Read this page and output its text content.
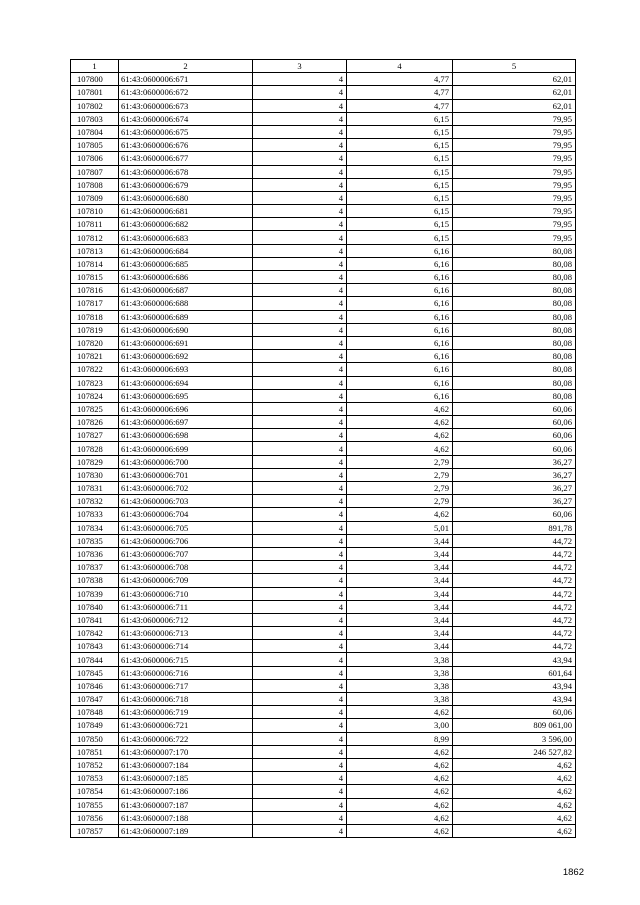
1	2	3	4	5
107800	61:43:0600006:671	4	4,77	62,01
107801	61:43:0600006:672	4	4,77	62,01
107802	61:43:0600006:673	4	4,77	62,01
107803	61:43:0600006:674	4	6,15	79,95
107804	61:43:0600006:675	4	6,15	79,95
107805	61:43:0600006:676	4	6,15	79,95
107806	61:43:0600006:677	4	6,15	79,95
107807	61:43:0600006:678	4	6,15	79,95
107808	61:43:0600006:679	4	6,15	79,95
107809	61:43:0600006:680	4	6,15	79,95
107810	61:43:0600006:681	4	6,15	79,95
107811	61:43:0600006:682	4	6,15	79,95
107812	61:43:0600006:683	4	6,15	79,95
107813	61:43:0600006:684	4	6,16	80,08
107814	61:43:0600006:685	4	6,16	80,08
107815	61:43:0600006:686	4	6,16	80,08
107816	61:43:0600006:687	4	6,16	80,08
107817	61:43:0600006:688	4	6,16	80,08
107818	61:43:0600006:689	4	6,16	80,08
107819	61:43:0600006:690	4	6,16	80,08
107820	61:43:0600006:691	4	6,16	80,08
107821	61:43:0600006:692	4	6,16	80,08
107822	61:43:0600006:693	4	6,16	80,08
107823	61:43:0600006:694	4	6,16	80,08
107824	61:43:0600006:695	4	6,16	80,08
107825	61:43:0600006:696	4	4,62	60,06
107826	61:43:0600006:697	4	4,62	60,06
107827	61:43:0600006:698	4	4,62	60,06
107828	61:43:0600006:699	4	4,62	60,06
107829	61:43:0600006:700	4	2,79	36,27
107830	61:43:0600006:701	4	2,79	36,27
107831	61:43:0600006:702	4	2,79	36,27
107832	61:43:0600006:703	4	2,79	36,27
107833	61:43:0600006:704	4	4,62	60,06
107834	61:43:0600006:705	4	5,01	891,78
107835	61:43:0600006:706	4	3,44	44,72
107836	61:43:0600006:707	4	3,44	44,72
107837	61:43:0600006:708	4	3,44	44,72
107838	61:43:0600006:709	4	3,44	44,72
107839	61:43:0600006:710	4	3,44	44,72
107840	61:43:0600006:711	4	3,44	44,72
107841	61:43:0600006:712	4	3,44	44,72
107842	61:43:0600006:713	4	3,44	44,72
107843	61:43:0600006:714	4	3,44	44,72
107844	61:43:0600006:715	4	3,38	43,94
107845	61:43:0600006:716	4	3,38	601,64
107846	61:43:0600006:717	4	3,38	43,94
107847	61:43:0600006:718	4	3,38	43,94
107848	61:43:0600006:719	4	4,62	60,06
107849	61:43:0600006:721	4	3,00	809 061,00
107850	61:43:0600006:722	4	8,99	3 596,00
107851	61:43:0600007:170	4	4,62	246 527,82
107852	61:43:0600007:184	4	4,62	4,62
107853	61:43:0600007:185	4	4,62	4,62
107854	61:43:0600007:186	4	4,62	4,62
107855	61:43:0600007:187	4	4,62	4,62
107856	61:43:0600007:188	4	4,62	4,62
107857	61:43:0600007:189	4	4,62	4,62
1862
